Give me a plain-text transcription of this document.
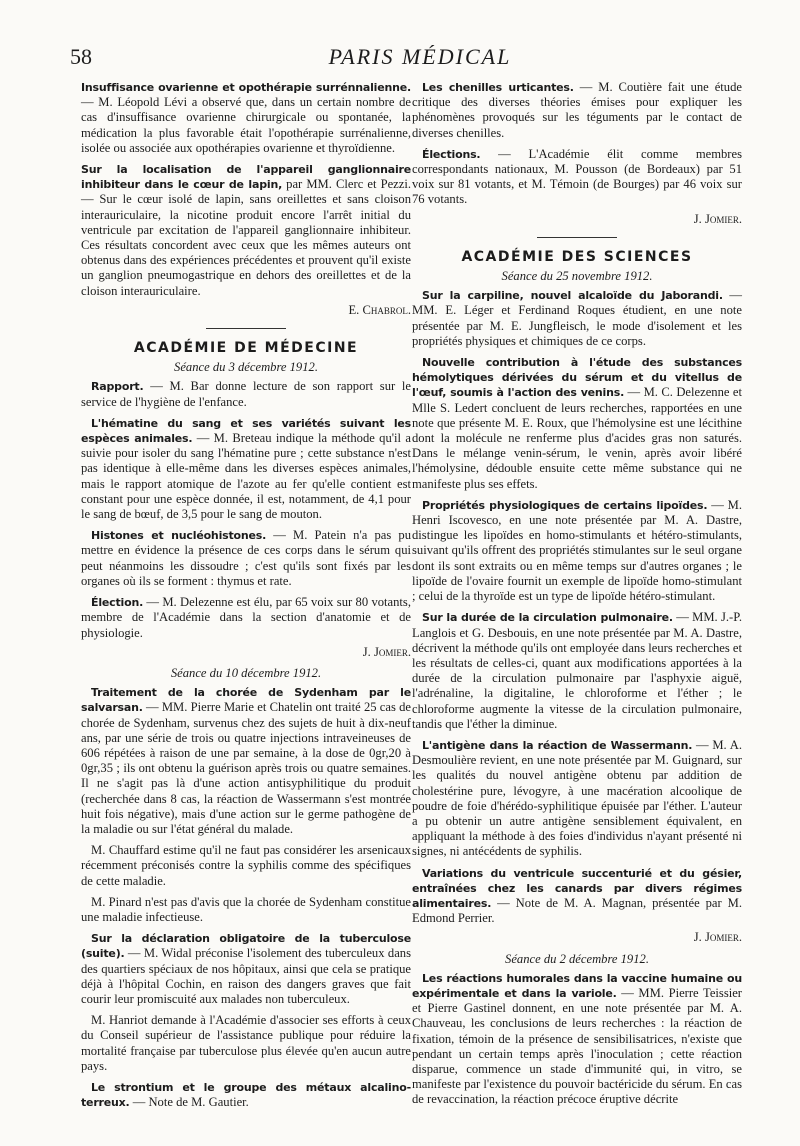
58	PARIS MÉDICAL

Insuffisance ovarienne et opothérapie surrénnalienne. — M. Léopold Lévi a observé que, dans un certain nombre de cas d'insuffisance ovarienne chirurgicale ou spontanée, la médication la plus favorable était l'opothérapie surrénalienne, isolée ou associée aux opothérapies ovarienne et thyroïdienne.

Sur la localisation de l'appareil ganglionnaire inhibiteur dans le cœur de lapin, par MM. Clerc et Pezzi. — Sur le cœur isolé de lapin, sans oreillettes et sans cloison interauriculaire, la nicotine produit encore l'arrêt initial du ventricule par excitation de l'appareil ganglionnaire inhibiteur. Ces résultats concordent avec ceux que les mêmes auteurs ont obtenus dans des expériences précédentes et prouvent qu'il existe un ganglion pneumogastrique en dehors des oreillettes et de la cloison interauriculaire.

E. Chabrol.

ACADÉMIE DE MÉDECINE
Séance du 3 décembre 1912.

Rapport. — M. Bar donne lecture de son rapport sur le service de l'hygiène de l'enfance.

L'hématine du sang et ses variétés suivant les espèces animales. — M. Breteau indique la méthode qu'il a suivie pour isoler du sang l'hématine pure ; cette substance n'est pas identique à elle-même dans les diverses espèces animales, mais le rapport atomique de l'azote au fer qu'elle contient est constant pour une espèce donnée, il est, notamment, de 4,1 pour le sang de bœuf, de 3,5 pour le sang de mouton.

Histones et nucléohistones. — M. Patein n'a pas pu mettre en évidence la présence de ces corps dans le sérum qui peut néanmoins les dissoudre ; c'est qu'ils sont fixés par les organes où ils se forment : thymus et rate.

Élection. — M. Delezenne est élu, par 65 voix sur 80 votants, membre de l'Académie dans la section d'anatomie et de physiologie.

J. Jomier.

Séance du 10 décembre 1912.

Traitement de la chorée de Sydenham par le salvarsan. — MM. Pierre Marie et Chatelin ont traité 25 cas de chorée de Sydenham, survenus chez des sujets de huit à dix-neuf ans, par une série de trois ou quatre injections intraveineuses de 606 répétées à raison de une par semaine, à la dose de 0gr,20 à 0gr,35 ; ils ont obtenu la guérison après trois ou quatre semaines. Il ne s'agit pas là d'une action antisyphilitique du produit (recherchée dans 8 cas, la réaction de Wassermann s'est montrée huit fois négative), mais d'une action sur le germe pathogène de la maladie ou sur l'état général du malade.

M. Chauffard estime qu'il ne faut pas considérer les arsenicaux récemment préconisés contre la syphilis comme des spécifiques de cette maladie.

M. Pinard n'est pas d'avis que la chorée de Sydenham constitue une maladie infectieuse.

Sur la déclaration obligatoire de la tuberculose (suite). — M. Widal préconise l'isolement des tuberculeux dans des quartiers spéciaux de nos hôpitaux, ainsi que cela se pratique déjà à l'hôpital Cochin, en raison des dangers graves que fait courir leur promiscuité aux malades non tuberculeux.

M. Hanriot demande à l'Académie d'associer ses efforts à ceux du Conseil supérieur de l'assistance publique pour réduire la mortalité française par tuberculose plus élevée qu'en aucun autre pays.

Le strontium et le groupe des métaux alcalino-terreux. — Note de M. Gautier.

Les chenilles urticantes. — M. Coutière fait une étude critique des diverses théories émises pour expliquer les phénomènes provoqués sur les téguments par le contact de diverses chenilles.

Élections. — L'Académie élit comme membres correspondants nationaux, M. Pousson (de Bordeaux) par 51 voix sur 81 votants, et M. Témoin (de Bourges) par 46 voix sur 76 votants.

J. Jomier.

ACADÉMIE DES SCIENCES
Séance du 25 novembre 1912.

Sur la carpiline, nouvel alcaloïde du Jaborandi. — MM. E. Léger et Ferdinand Roques étudient, en une note présentée par M. E. Jungfleisch, le mode d'isolement et les propriétés physiques et chimiques de ce corps.

Nouvelle contribution à l'étude des substances hémolytiques dérivées du sérum et du vitellus de l'œuf, soumis à l'action des venins. — M. C. Delezenne et Mlle S. Ledert concluent de leurs recherches, rapportées en une note que présente M. E. Roux, que l'hémolysine est une lécithine dont la molécule ne renferme plus d'acides gras non saturés. Dans le mélange venin-sérum, le venin, après avoir libéré l'hémolysine, dédouble ensuite cette même substance qui ne manifeste plus ses effets.

Propriétés physiologiques de certains lipoïdes. — M. Henri Iscovesco, en une note présentée par M. A. Dastre, distingue les lipoïdes en homo-stimulants et hétéro-stimulants, suivant qu'ils offrent des propriétés stimulantes sur le seul organe dont ils sont extraits ou en même temps sur d'autres organes ; le lipoïde de l'ovaire fournit un exemple de lipoïde homo-stimulant ; celui de la thyroïde est un type de lipoïde hétéro-stimulant.

Sur la durée de la circulation pulmonaire. — MM. J.-P. Langlois et G. Desbouis, en une note présentée par M. A. Dastre, décrivent la méthode qu'ils ont employée dans leurs recherches et les résultats de celles-ci, quant aux modifications apportées à la durée de la circulation pulmonaire par l'asphyxie aiguë, l'adrénaline, la digitaline, le chloroforme et l'éther ; le chloroforme augmente la vitesse de la circulation pulmonaire, tandis que l'éther la diminue.

L'antigène dans la réaction de Wassermann. — M. A. Desmoulière revient, en une note présentée par M. Guignard, sur les qualités du nouvel antigène obtenu par addition de cholestérine pure, lévogyre, à une macération alcoolique de poudre de foie d'hérédo-syphilitique épuisée par l'éther. L'auteur a pu obtenir un autre antigène sensiblement équivalent, en appliquant la méthode à des foies d'individus n'ayant présenté ni signes, ni antécédents de syphilis.

Variations du ventricule succenturié et du gésier, entraînées chez les canards par divers régimes alimentaires. — Note de M. A. Magnan, présentée par M. Edmond Perrier.

J. Jomier.

Séance du 2 décembre 1912.

Les réactions humorales dans la vaccine humaine ou expérimentale et dans la variole. — MM. Pierre Teissier et Pierre Gastinel donnent, en une note présentée par M. A. Chauveau, les conclusions de leurs recherches : la réaction de fixation, témoin de la présence de sensibilisatrices, n'existe que pendant un certain temps après l'inoculation ; cette réaction disparue, commence un stade d'immunité qui, in vitro, se manifeste par l'existence du pouvoir bactéricide du sérum. En cas de revaccination, la réaction précoce éruptive décrite
